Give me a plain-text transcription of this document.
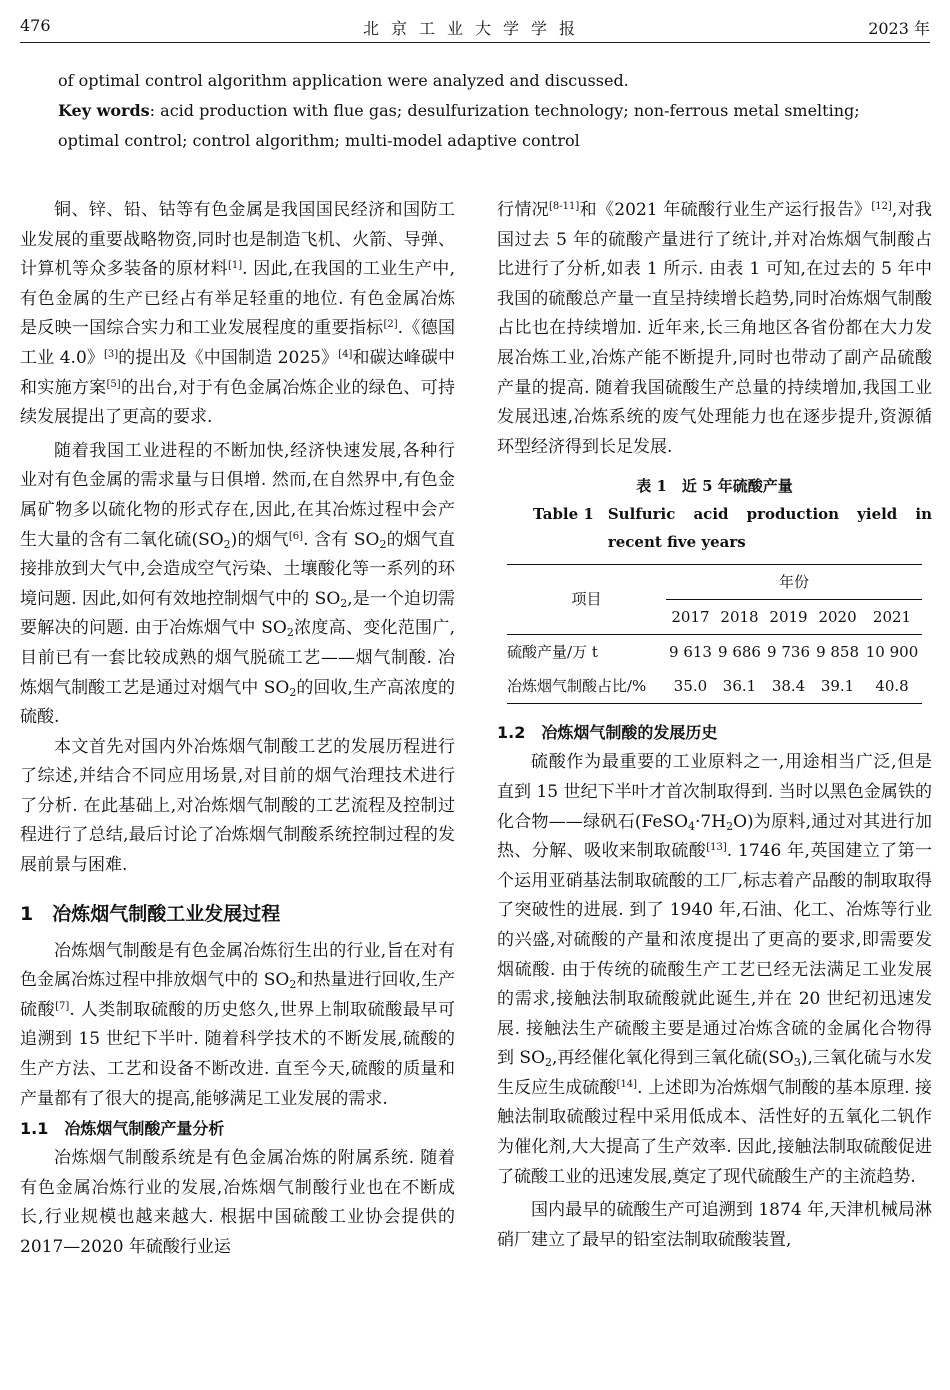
476	北京工业大学学报	2023 年
of optimal control algorithm application were analyzed and discussed.
Key words: acid production with flue gas; desulfurization technology; non-ferrous metal smelting;
optimal control; control algorithm; multi-model adaptive control

铜、锌、铅、钴等有色金属是我国国民经济和国防工业发展的重要战略物资,同时也是制造飞机、火箭、导弹、计算机等众多装备的原材料[1]. 因此,在我国的工业生产中,有色金属的生产已经占有举足轻重的地位. 有色金属冶炼是反映一国综合实力和工业发展程度的重要指标[2].《德国工业 4.0》[3]的提出及《中国制造 2025》[4]和碳达峰碳中和实施方案[5]的出台,对于有色金属冶炼企业的绿色、可持续发展提出了更高的要求.

随着我国工业进程的不断加快,经济快速发展,各种行业对有色金属的需求量与日俱增. 然而,在自然界中,有色金属矿物多以硫化物的形式存在,因此,在其冶炼过程中会产生大量的含有二氧化硫$(SO_2)$的烟气[6]. 含有 $SO_2$的烟气直接排放到大气中,会造成空气污染、土壤酸化等一系列的环境问题. 因此,如何有效地控制烟气中的 $SO_2$,是一个迫切需要解决的问题. 由于冶炼烟气中 $SO_2$浓度高、变化范围广,目前已有一套比较成熟的烟气脱硫工艺——烟气制酸. 冶炼烟气制酸工艺是通过对烟气中 $SO_2$的回收,生产高浓度的硫酸.

本文首先对国内外冶炼烟气制酸工艺的发展历程进行了综述,并结合不同应用场景,对目前的烟气治理技术进行了分析. 在此基础上,对冶炼烟气制酸的工艺流程及控制过程进行了总结,最后讨论了冶炼烟气制酸系统控制过程的发展前景与困难.

1　冶炼烟气制酸工业发展过程

冶炼烟气制酸是有色金属冶炼衍生出的行业,旨在对有色金属冶炼过程中排放烟气中的 $SO_2$和热量进行回收,生产硫酸[7]. 人类制取硫酸的历史悠久,世界上制取硫酸最早可追溯到 15 世纪下半叶. 随着科学技术的不断发展,硫酸的生产方法、工艺和设备不断改进. 直至今天,硫酸的质量和产量都有了很大的提高,能够满足工业发展的需求.

1.1　冶炼烟气制酸产量分析

冶炼烟气制酸系统是有色金属冶炼的附属系统. 随着有色金属冶炼行业的发展,冶炼烟气制酸行业也在不断成长,行业规模也越来越大. 根据中国硫酸工业协会提供的 2017—2020 年硫酸行业运

行情况[8-11]和《2021 年硫酸行业生产运行报告》[12],对我国过去 5 年的硫酸产量进行了统计,并对冶炼烟气制酸占比进行了分析,如表 1 所示. 由表 1 可知,在过去的 5 年中我国的硫酸总产量一直呈持续增长趋势,同时冶炼烟气制酸占比也在持续增加. 近年来,长三角地区各省份都在大力发展冶炼工业,冶炼产能不断提升,同时也带动了副产品硫酸产量的提高. 随着我国硫酸生产总量的持续增加,我国工业发展迅速,冶炼系统的废气处理能力也在逐步提升,资源循环型经济得到长足发展.

表 1　近 5 年硫酸产量
Table 1 Sulfuric acid production yield in recent five years
项目	年份				
	2017	2018	2019	2020	2021
硫酸产量/万 t	9 613	9 686	9 736	9 858	10 900
冶炼烟气制酸占比/%	35.0	36.1	38.4	39.1	40.8
1.2　冶炼烟气制酸的发展历史

硫酸作为最重要的工业原料之一,用途相当广泛,但是直到 15 世纪下半叶才首次制取得到. 当时以黑色金属铁的化合物——绿矾石$(FeSO_4\cdot 7H_2O)$为原料,通过对其进行加热、分解、吸收来制取硫酸[13]. 1746 年,英国建立了第一个运用亚硝基法制取硫酸的工厂,标志着产品酸的制取取得了突破性的进展. 到了 1940 年,石油、化工、冶炼等行业的兴盛,对硫酸的产量和浓度提出了更高的要求,即需要发烟硫酸. 由于传统的硫酸生产工艺已经无法满足工业发展的需求,接触法制取硫酸就此诞生,并在 20 世纪初迅速发展. 接触法生产硫酸主要是通过冶炼含硫的金属化合物得到 $SO_2$,再经催化氧化得到三氧化硫$(SO_3)$,三氧化硫与水发生反应生成硫酸[14]. 上述即为冶炼烟气制酸的基本原理. 接触法制取硫酸过程中采用低成本、活性好的五氧化二钒作为催化剂,大大提高了生产效率. 因此,接触法制取硫酸促进了硫酸工业的迅速发展,奠定了现代硫酸生产的主流趋势.

国内最早的硫酸生产可追溯到 1874 年,天津机械局淋硝厂建立了最早的铅室法制取硫酸装置,
